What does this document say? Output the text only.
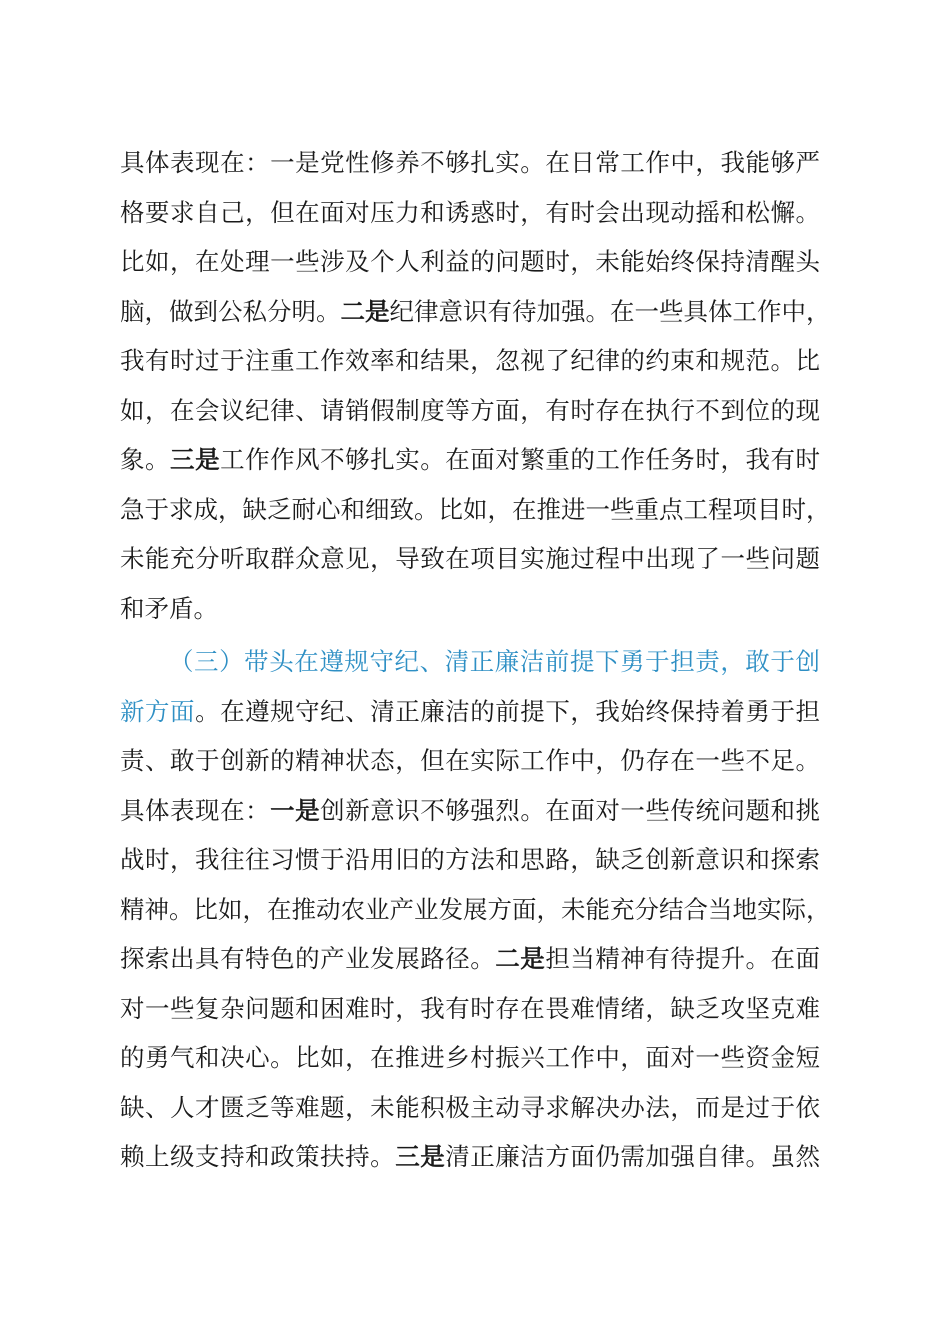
具体表现在：一是党性修养不够扎实。在日常工作中，我能够严
格要求自己，但在面对压力和诱惑时，有时会出现动摇和松懈。
比如，在处理一些涉及个人利益的问题时，未能始终保持清醒头
脑，做到公私分明。二是纪律意识有待加强。在一些具体工作中，
我有时过于注重工作效率和结果，忽视了纪律的约束和规范。比
如，在会议纪律、请销假制度等方面，有时存在执行不到位的现
象。三是工作作风不够扎实。在面对繁重的工作任务时，我有时
急于求成，缺乏耐心和细致。比如，在推进一些重点工程项目时，
未能充分听取群众意见，导致在项目实施过程中出现了一些问题
和矛盾。
（三）带头在遵规守纪、清正廉洁前提下勇于担责，敢于创
新方面。在遵规守纪、清正廉洁的前提下，我始终保持着勇于担
责、敢于创新的精神状态，但在实际工作中，仍存在一些不足。
具体表现在：一是创新意识不够强烈。在面对一些传统问题和挑
战时，我往往习惯于沿用旧的方法和思路，缺乏创新意识和探索
精神。比如，在推动农业产业发展方面，未能充分结合当地实际，
探索出具有特色的产业发展路径。二是担当精神有待提升。在面
对一些复杂问题和困难时，我有时存在畏难情绪，缺乏攻坚克难
的勇气和决心。比如，在推进乡村振兴工作中，面对一些资金短
缺、人才匮乏等难题，未能积极主动寻求解决办法，而是过于依
赖上级支持和政策扶持。三是清正廉洁方面仍需加强自律。虽然
